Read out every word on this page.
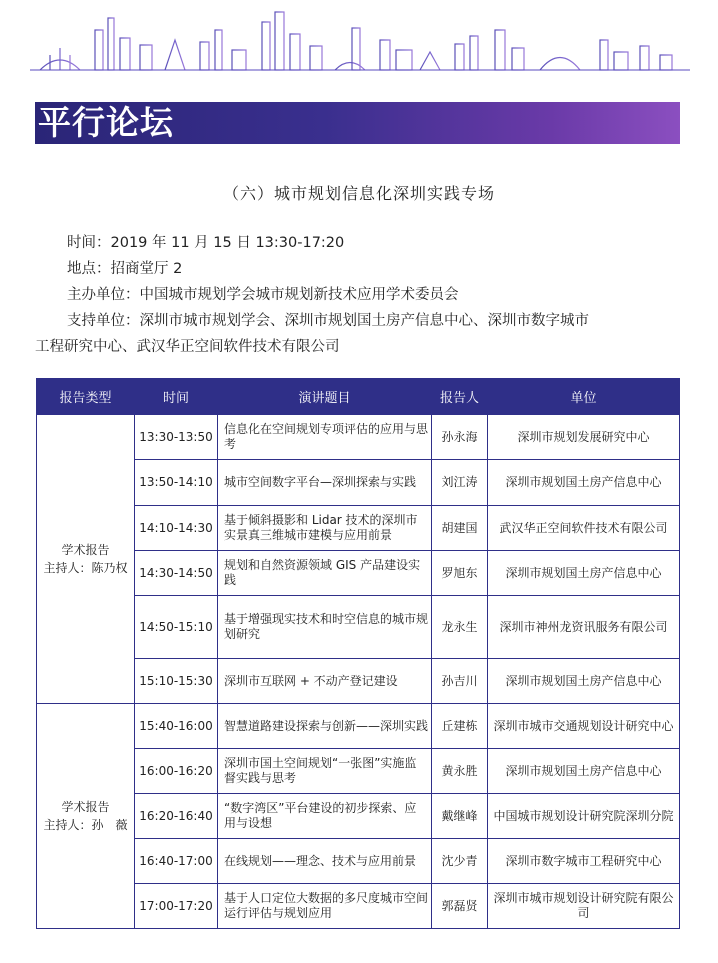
平行论坛
（六）城市规划信息化深圳实践专场
时间：2019 年 11 月 15 日 13:30-17:20
地点：招商堂厅 2
主办单位：中国城市规划学会城市规划新技术应用学术委员会
支持单位：深圳市城市规划学会、深圳市规划国土房产信息中心、深圳市数字城市
工程研究中心、武汉华正空间软件技术有限公司
报告类型	时间	演讲题目	报告人	单位

学术报告
主持人：陈乃权	13:30-13:50	信息化在空间规划专项评估的应用与思考	孙永海	深圳市规划发展研究中心
	13:50-14:10	城市空间数字平台—深圳探索与实践	刘江涛	深圳市规划国土房产信息中心
	14:10-14:30	基于倾斜摄影和 Lidar 技术的深圳市实景真三维城市建模与应用前景	胡建国	武汉华正空间软件技术有限公司
	14:30-14:50	规划和自然资源领域 GIS 产品建设实践	罗旭东	深圳市规划国土房产信息中心
	14:50-15:10	基于增强现实技术和时空信息的城市规划研究	龙永生	深圳市神州龙资讯服务有限公司
	15:10-15:30	深圳市互联网 + 不动产登记建设	孙吉川	深圳市规划国土房产信息中心

学术报告
主持人：孙　薇	15:40-16:00	智慧道路建设探索与创新——深圳实践	丘建栋	深圳市城市交通规划设计研究中心
	16:00-16:20	深圳市国土空间规划“一张图”实施监督实践与思考	黄永胜	深圳市规划国土房产信息中心
	16:20-16:40	“数字湾区”平台建设的初步探索、应用与设想	戴继峰	中国城市规划设计研究院深圳分院
	16:40-17:00	在线规划——理念、技术与应用前景	沈少青	深圳市数字城市工程研究中心
	17:00-17:20	基于人口定位大数据的多尺度城市空间运行评估与规划应用	郭磊贤	深圳市城市规划设计研究院有限公司
